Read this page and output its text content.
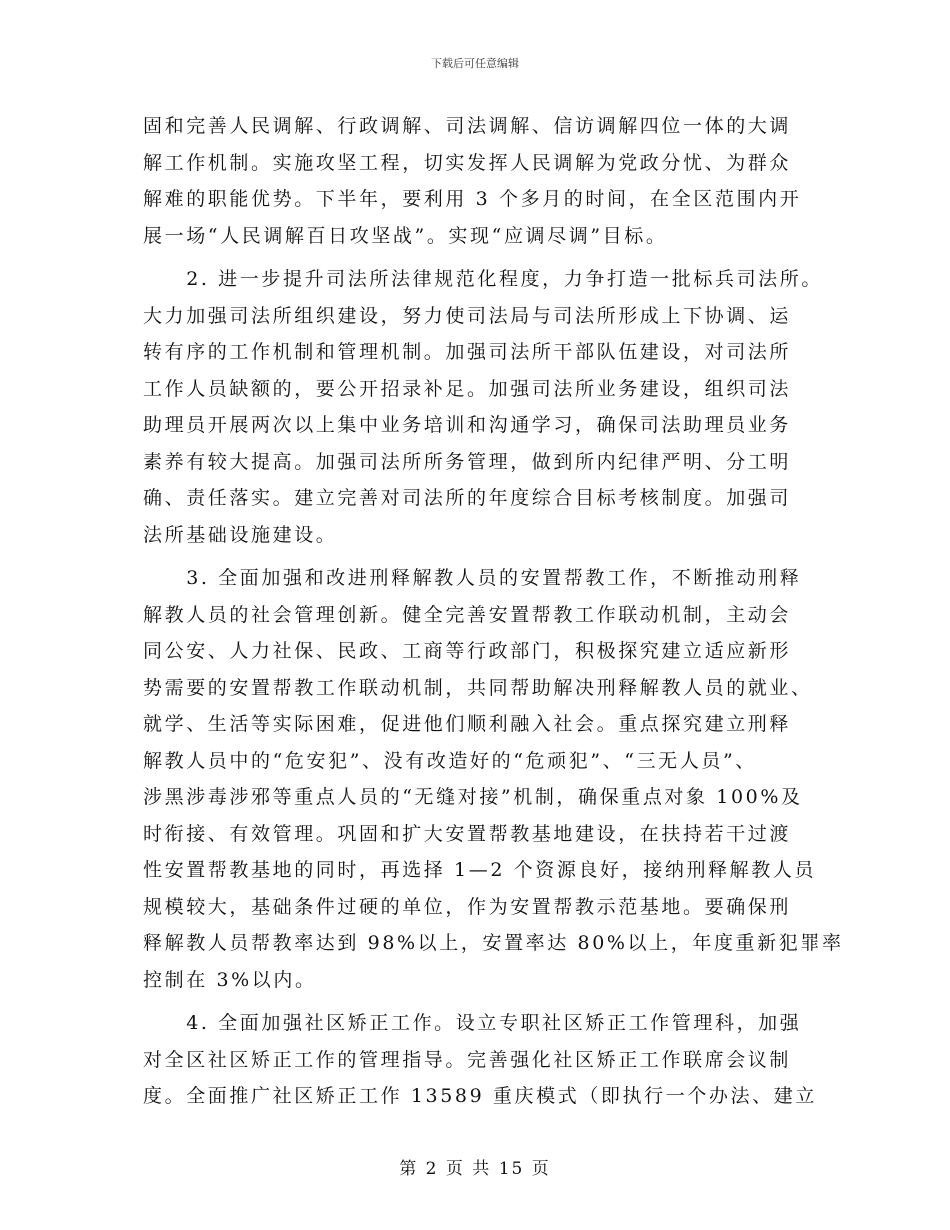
下载后可任意编辑
固和完善人民调解、行政调解、司法调解、信访调解四位一体的大调
解工作机制。实施攻坚工程，切实发挥人民调解为党政分忧、为群众
解难的职能优势。下半年，要利用 3 个多月的时间，在全区范围内开
展一场“人民调解百日攻坚战”。实现“应调尽调”目标。
　　2. 进一步提升司法所法律规范化程度，力争打造一批标兵司法所。
大力加强司法所组织建设，努力使司法局与司法所形成上下协调、运
转有序的工作机制和管理机制。加强司法所干部队伍建设，对司法所
工作人员缺额的，要公开招录补足。加强司法所业务建设，组织司法
助理员开展两次以上集中业务培训和沟通学习，确保司法助理员业务
素养有较大提高。加强司法所所务管理，做到所内纪律严明、分工明
确、责任落实。建立完善对司法所的年度综合目标考核制度。加强司
法所基础设施建设。
　　3. 全面加强和改进刑释解教人员的安置帮教工作，不断推动刑释
解教人员的社会管理创新。健全完善安置帮教工作联动机制，主动会
同公安、人力社保、民政、工商等行政部门，积极探究建立适应新形
势需要的安置帮教工作联动机制，共同帮助解决刑释解教人员的就业、
就学、生活等实际困难，促进他们顺利融入社会。重点探究建立刑释
解教人员中的“危安犯”、没有改造好的“危顽犯”、“三无人员”、
涉黑涉毒涉邪等重点人员的“无缝对接”机制，确保重点对象 100%及
时衔接、有效管理。巩固和扩大安置帮教基地建设，在扶持若干过渡
性安置帮教基地的同时，再选择 1—2 个资源良好，接纳刑释解教人员
规模较大，基础条件过硬的单位，作为安置帮教示范基地。要确保刑
释解教人员帮教率达到 98%以上，安置率达 80%以上，年度重新犯罪率
控制在 3%以内。
　　4. 全面加强社区矫正工作。设立专职社区矫正工作管理科，加强
对全区社区矫正工作的管理指导。完善强化社区矫正工作联席会议制
度。全面推广社区矫正工作 13589 重庆模式（即执行一个办法、建立
第 2 页 共 15 页
